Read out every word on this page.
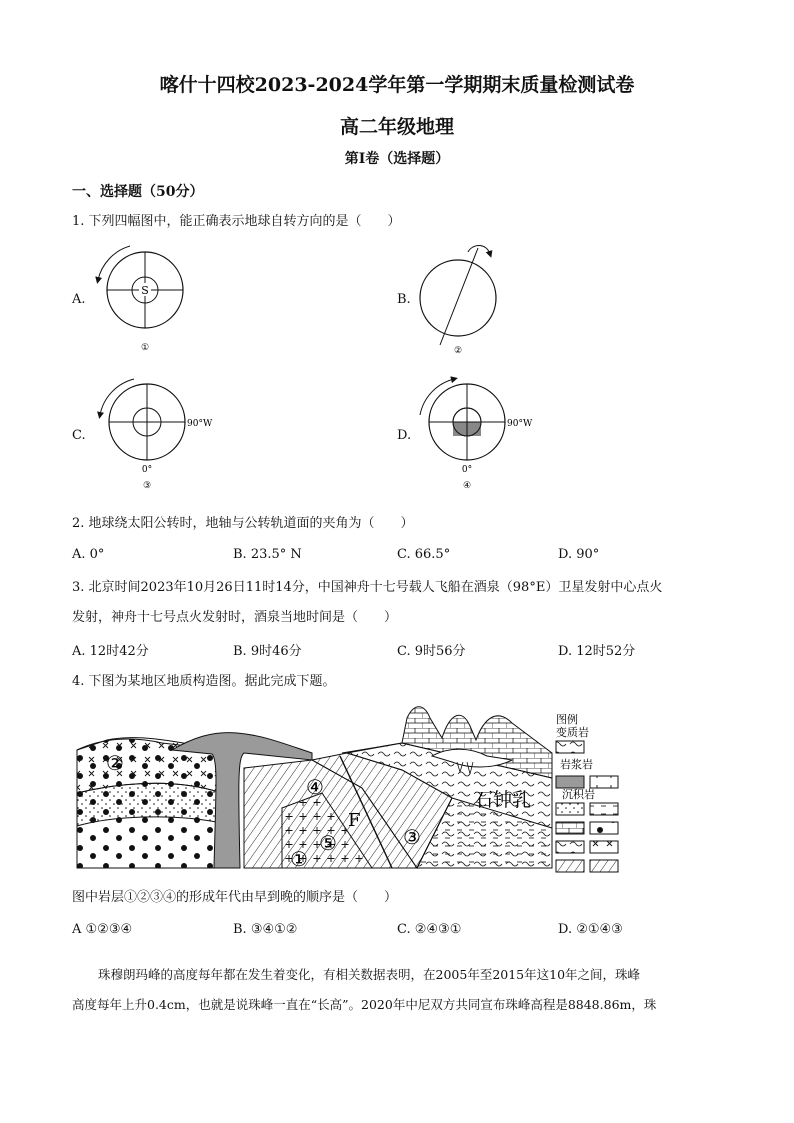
喀什十四校2023-2024学年第一学期期末质量检测试卷
高二年级地理
第Ⅰ卷（选择题）
一、选择题（50分）
1. 下列四幅图中，能正确表示地球自转方向的是（　　）
A.	B.
C.	D.
S
①	②
90°W
0°
③
90°W
0°
④
2. 地球绕太阳公转时，地轴与公转轨道面的夹角为（　　）
A. 0°	B. 23.5° N	C. 66.5°	D. 90°
3. 北京时间2023年10月26日11时14分，中国神舟十七号载人飞船在酒泉（98°E）卫星发射中心点火
发射，神舟十七号点火发射时，酒泉当地时间是（　　）
A. 12时42分	B. 9时46分	C. 9时56分	D. 12时52分
4. 下图为某地区地质构造图。据此完成下题。
石钟乳
②
④
③
⑤
①
F
图例
变质岩
岩浆岩
沉积岩
图中岩层①②③④的形成年代由早到晚的顺序是（　　）
A ①②③④	B. ③④①②	C. ②④③①	D. ②①④③
珠穆朗玛峰的高度每年都在发生着变化，有相关数据表明，在2005年至2015年这10年之间，珠峰
高度每年上升0.4cm，也就是说珠峰一直在“长高”。2020年中尼双方共同宣布珠峰高程是8848.86m，珠
